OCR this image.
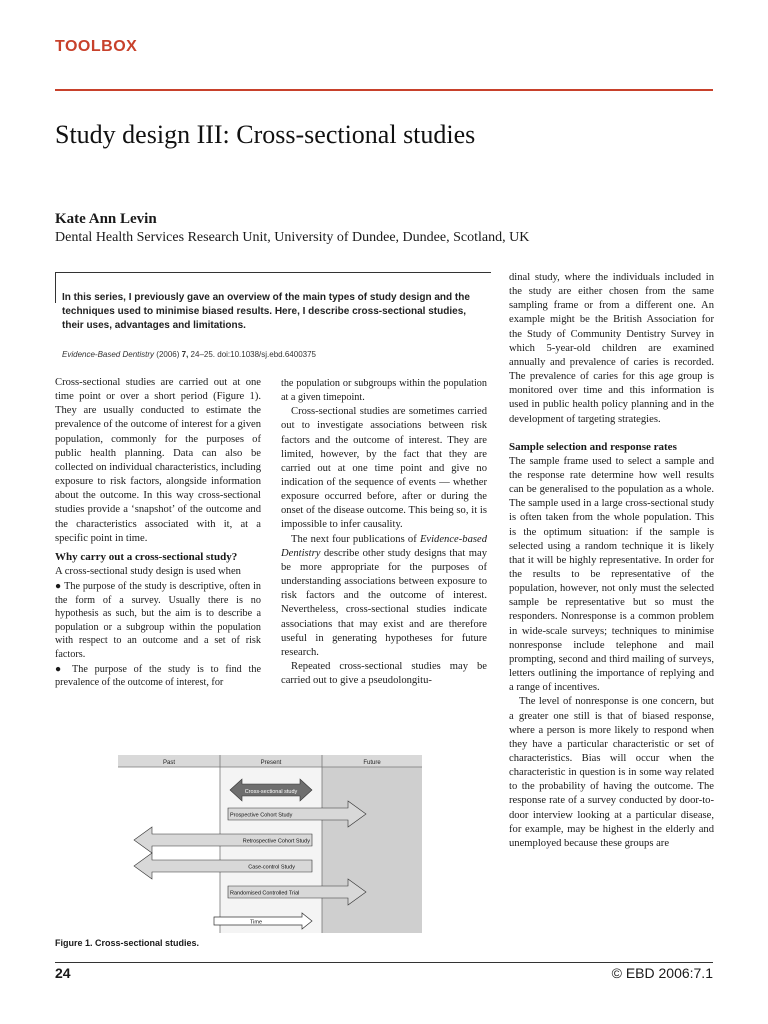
TOOLBOX
Study design III: Cross-sectional studies
Kate Ann Levin
Dental Health Services Research Unit, University of Dundee, Dundee, Scotland, UK
In this series, I previously gave an overview of the main types of study design and the techniques used to minimise biased results. Here, I describe cross-sectional studies, their uses, advantages and limitations.
Evidence-Based Dentistry (2006) 7, 24–25. doi:10.1038/sj.ebd.6400375

Cross-sectional studies are carried out at one time point or over a short period (Figure 1). They are usually conducted to estimate the prevalence of the outcome of interest for a given population, commonly for the purposes of public health planning. Data can also be collected on individual characteristics, including exposure to risk factors, alongside information about the outcome. In this way cross-sectional studies provide a ‘snapshot’ of the outcome and the characteristics associated with it, at a specific point in time.

Why carry out a cross-sectional study?

A cross-sectional study design is used when

● The purpose of the study is descriptive, often in the form of a survey. Usually there is no hypothesis as such, but the aim is to describe a population or a subgroup within the population with respect to an outcome and a set of risk factors.

● The purpose of the study is to find the prevalence of the outcome of interest, for

the population or subgroups within the population at a given timepoint.

Cross-sectional studies are sometimes carried out to investigate associations between risk factors and the outcome of interest. They are limited, however, by the fact that they are carried out at one time point and give no indication of the sequence of events — whether exposure occurred before, after or during the onset of the disease outcome. This being so, it is impossible to infer causality.

The next four publications of Evidence-based Dentistry describe other study designs that may be more appropriate for the purposes of understanding associations between exposure to risk factors and the outcome of interest. Nevertheless, cross-sectional studies indicate associations that may exist and are therefore useful in generating hypotheses for future research.

Repeated cross-sectional studies may be carried out to give a pseudolongitu-

dinal study, where the individuals included in the study are either chosen from the same sampling frame or from a different one. An example might be the British Association for the Study of Community Dentistry Survey in which 5-year-old children are examined annually and prevalence of caries is recorded. The prevalence of caries for this age group is monitored over time and this information is used in public health policy planning and in the development of targeting strategies.

Sample selection and response rates

The sample frame used to select a sample and the response rate determine how well results can be generalised to the population as a whole. The sample used in a large cross-sectional study is often taken from the whole population. This is the optimum situation: if the sample is selected using a random technique it is likely that it will be highly representative. In order for the results to be representative of the population, however, not only must the selected sample be representative but so must the responders. Nonresponse is a common problem in wide-scale surveys; techniques to minimise nonresponse include telephone and mail prompting, second and third mailing of surveys, letters outlining the importance of replying and a range of incentives.

The level of nonresponse is one concern, but a greater one still is that of biased response, where a person is more likely to respond when they have a particular characteristic or set of characteristics. Bias will occur when the characteristic in question is in some way related to the probability of having the outcome. The response rate of a survey conducted by door-to-door interview looking at a particular disease, for example, may be highest in the elderly and unemployed because these groups are

Past	Present	Future
Cross-sectional study
Prospective Cohort Study
Retrospective Cohort Study
Case-control Study
Randomised Controlled Trial
Time
Figure 1. Cross-sectional studies.
24	© EBD 2006:7.1
